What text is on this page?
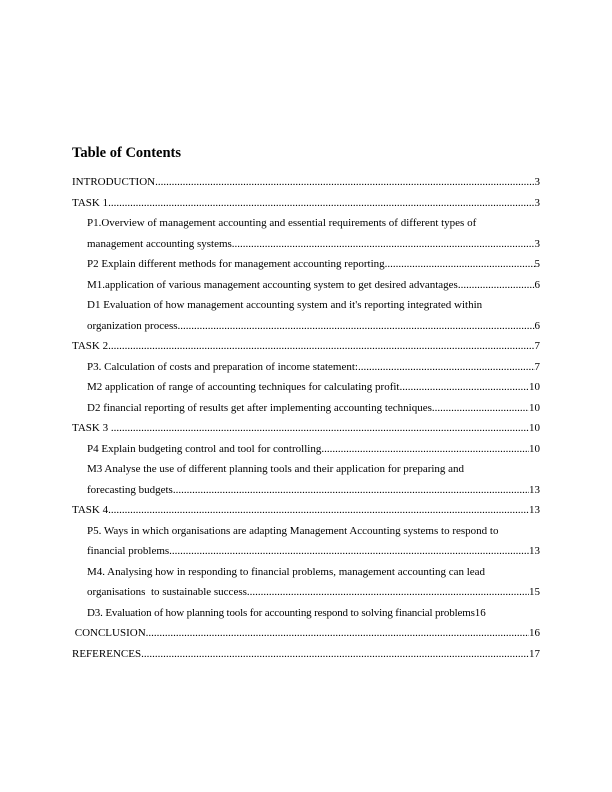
Table of Contents
INTRODUCTION .....	3
TASK 1 .....	3
P1.Overview of management accounting and essential requirements of different types of
management accounting systems .....	3
P2 Explain different methods for management accounting reporting .....	5
M1.application of various management accounting system to get desired advantages .....	6
D1 Evaluation of how management accounting system and it's reporting integrated within
organization process .....	6
TASK 2 .....	7
P3. Calculation of costs and preparation of income statement: .....	7
M2 application of range of accounting techniques for calculating profit .....	10
D2 financial reporting of results get after implementing accounting techniques .....	10
TASK 3 .....	10
P4 Explain budgeting control and tool for controlling .....	10
M3 Analyse the use of different planning tools and their application for preparing and
forecasting budgets .....	13
TASK 4 .....	13
P5. Ways in which organisations are adapting Management Accounting systems to respond to
financial problems .....	13
M4. Analysing how in responding to financial problems, management accounting can lead
organisations  to sustainable success .....	15
D3. Evaluation of how planning tools for accounting respond to solving financial problems 16
CONCLUSION .....	16
REFERENCES .....	17
